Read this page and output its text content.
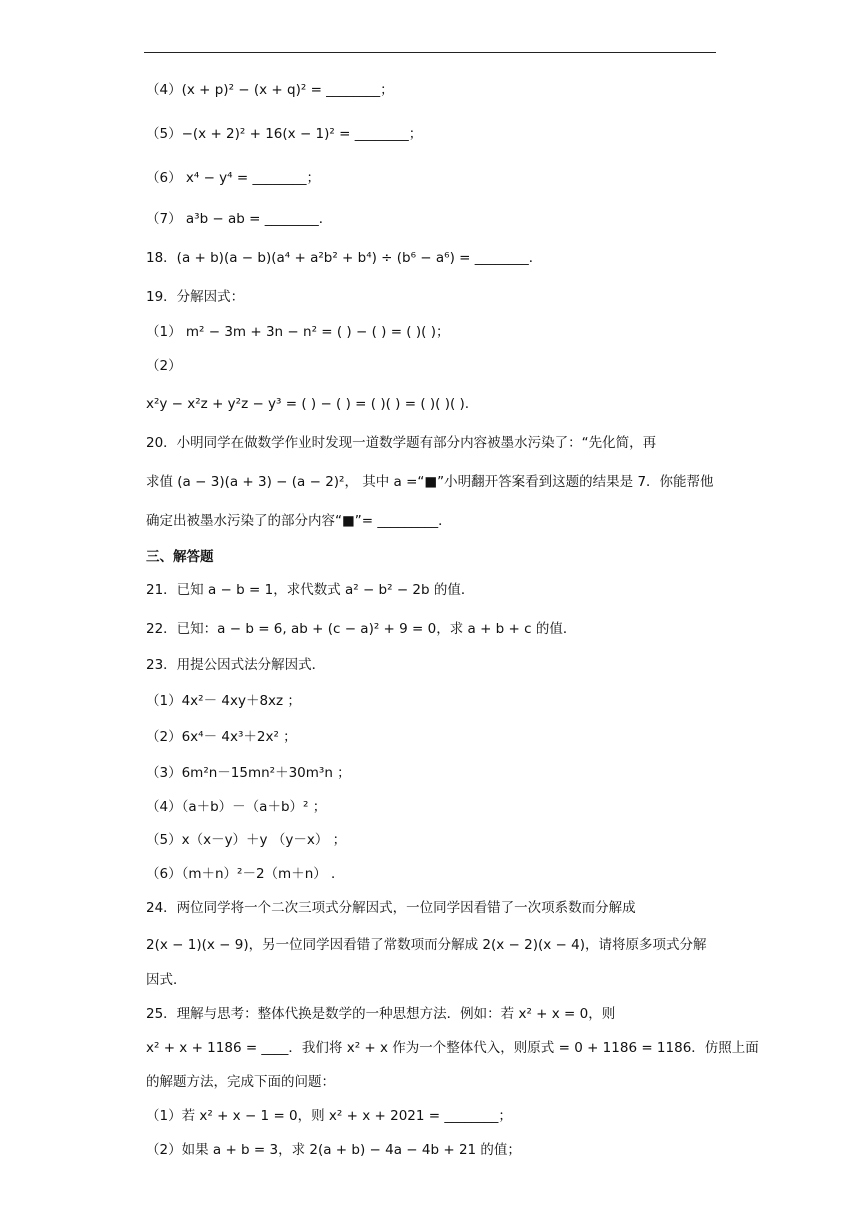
（4）(x + p)² − (x + q)² = ________；
（5）−(x + 2)² + 16(x − 1)² = ________；
（6） x⁴ − y⁴ = ________；
（7） a³b − ab = ________．
18．(a + b)(a − b)(a⁴ + a²b² + b⁴) ÷ (b⁶ − a⁶) = ________．
19．分解因式：
（1） m² − 3m + 3n − n² = ( ) − ( ) = ( )( )；
（2）
x²y − x²z + y²z − y³ = ( ) − ( ) = ( )( ) = ( )( )( ).
20．小明同学在做数学作业时发现一道数学题有部分内容被墨水污染了：“先化简，再
求值 (a − 3)(a + 3) − (a − 2)²， 其中 a =“■”小明翻开答案看到这题的结果是 7．你能帮他
确定出被墨水污染了的部分内容“■”= _________．
三、解答题
21．已知 a − b = 1，求代数式 a² − b² − 2b 的值．
22．已知：a − b = 6, ab + (c − a)² + 9 = 0，求 a + b + c 的值．
23．用提公因式法分解因式．
（1）4x²－ 4xy＋8xz ；
（2）6x⁴－ 4x³＋2x² ；
（3）6m²n－15mn²＋30m³n ；
（4）（a＋b）－（a＋b）² ；
（5）x（x－y）＋y （y－x） ；
（6）（m＋n）²－2（m＋n） ．
24．两位同学将一个二次三项式分解因式，一位同学因看错了一次项系数而分解成
2(x − 1)(x − 9)，另一位同学因看错了常数项而分解成 2(x − 2)(x − 4)，请将原多项式分解
因式．
25．理解与思考：整体代换是数学的一种思想方法．例如：若 x² + x = 0，则
x² + x + 1186 = ____．我们将 x² + x 作为一个整体代入，则原式 = 0 + 1186 = 1186．仿照上面
的解题方法，完成下面的问题：
（1）若 x² + x − 1 = 0，则 x² + x + 2021 = ________；
（2）如果 a + b = 3，求 2(a + b) − 4a − 4b + 21 的值；
